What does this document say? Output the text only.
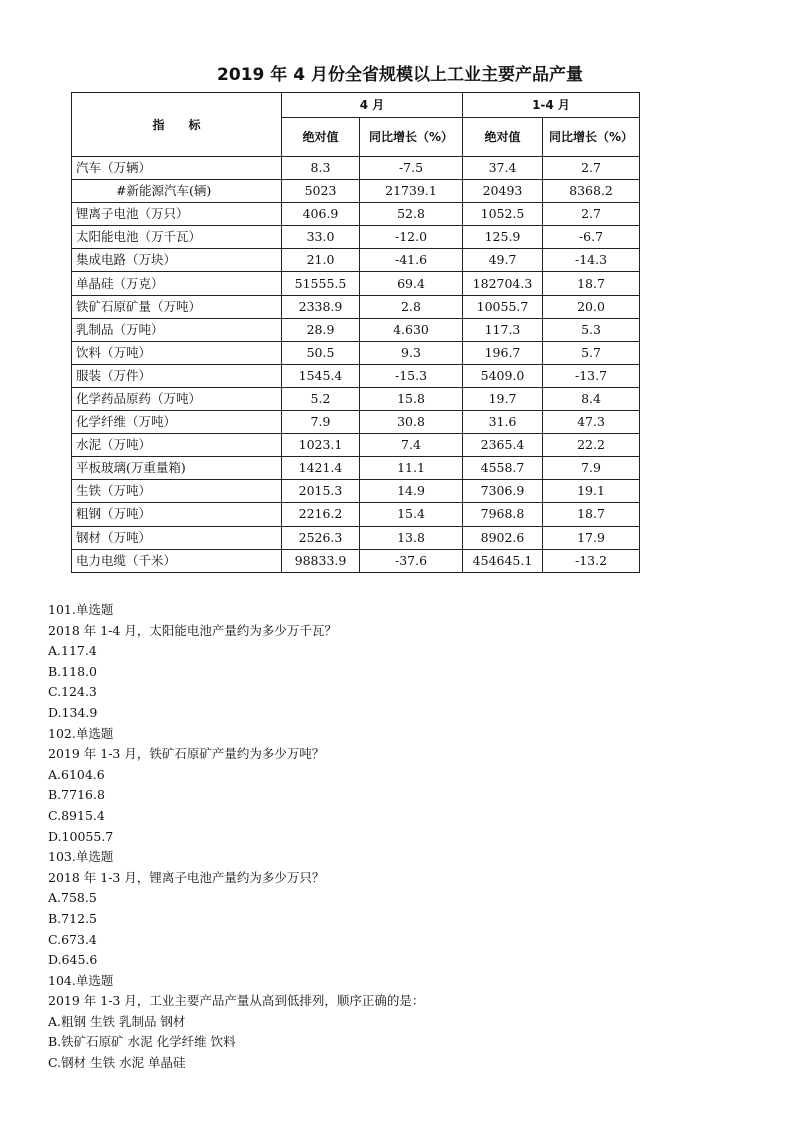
2019 年 4 月份全省规模以上工业主要产品产量
指　　标	4 月		1-4 月	
	绝对值	同比增长（%）	绝对值	同比增长（%）
汽车（万辆）	8.3	-7.5	37.4	2.7
#新能源汽车(辆)	5023	21739.1	20493	8368.2
锂离子电池（万只）	406.9	52.8	1052.5	2.7
太阳能电池（万千瓦）	33.0	-12.0	125.9	-6.7
集成电路（万块）	21.0	-41.6	49.7	-14.3
单晶硅（万克）	51555.5	69.4	182704.3	18.7
铁矿石原矿量（万吨）	2338.9	2.8	10055.7	20.0
乳制品（万吨）	28.9	4.630	117.3	5.3
饮料（万吨）	50.5	9.3	196.7	5.7
服装（万件）	1545.4	-15.3	5409.0	-13.7
化学药品原药（万吨）	5.2	15.8	19.7	8.4
化学纤维（万吨）	7.9	30.8	31.6	47.3
水泥（万吨）	1023.1	7.4	2365.4	22.2
平板玻璃(万重量箱)	1421.4	11.1	4558.7	7.9
生铁（万吨）	2015.3	14.9	7306.9	19.1
粗钢（万吨）	2216.2	15.4	7968.8	18.7
钢材（万吨）	2526.3	13.8	8902.6	17.9
电力电缆（千米）	98833.9	-37.6	454645.1	-13.2
101.单选题
2018 年 1-4 月，太阳能电池产量约为多少万千瓦？
A.117.4
B.118.0
C.124.3
D.134.9
102.单选题
2019 年 1-3 月，铁矿石原矿产量约为多少万吨？
A.6104.6
B.7716.8
C.8915.4
D.10055.7
103.单选题
2018 年 1-3 月，锂离子电池产量约为多少万只？
A.758.5
B.712.5
C.673.4
D.645.6
104.单选题
2019 年 1-3 月，工业主要产品产量从高到低排列，顺序正确的是：
A.粗钢 生铁 乳制品 钢材
B.铁矿石原矿 水泥 化学纤维 饮料
C.钢材 生铁 水泥 单晶硅
